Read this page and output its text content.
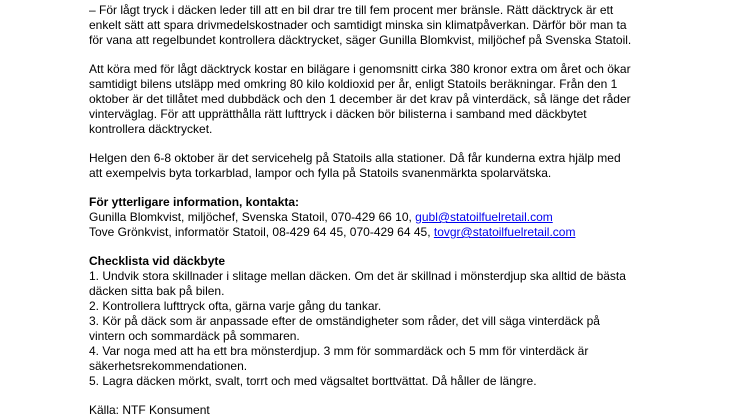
– För lågt tryck i däcken leder till att en bil drar tre till fem procent mer bränsle. Rätt däcktryck är ett

enkelt sätt att spara drivmedelskostnader och samtidigt minska sin klimatpåverkan. Därför bör man ta

för vana att regelbundet kontrollera däcktrycket, säger Gunilla Blomkvist, miljöchef på Svenska Statoil.

Att köra med för lågt däcktryck kostar en bilägare i genomsnitt cirka 380 kronor extra om året och ökar

samtidigt bilens utsläpp med omkring 80 kilo koldioxid per år, enligt Statoils beräkningar. Från den 1

oktober är det tillåtet med dubbdäck och den 1 december är det krav på vinterdäck, så länge det råder

vinterväglag. För att upprätthålla rätt lufttryck i däcken bör bilisterna i samband med däckbytet

kontrollera däcktrycket.

Helgen den 6-8 oktober är det servicehelg på Statoils alla stationer. Då får kunderna extra hjälp med

att exempelvis byta torkarblad, lampor och fylla på Statoils svanenmärkta spolarvätska.

För ytterligare information, kontakta:

Gunilla Blomkvist, miljöchef, Svenska Statoil, 070-429 66 10, gubl@statoilfuelretail.com

Tove Grönkvist, informatör Statoil, 08-429 64 45, 070-429 64 45, tovgr@statoilfuelretail.com

Checklista vid däckbyte

1. Undvik stora skillnader i slitage mellan däcken. Om det är skillnad i mönsterdjup ska alltid de bästa

däcken sitta bak på bilen.

2. Kontrollera lufttryck ofta, gärna varje gång du tankar.

3. Kör på däck som är anpassade efter de omständigheter som råder, det vill säga vinterdäck på

vintern och sommardäck på sommaren.

4. Var noga med att ha ett bra mönsterdjup. 3 mm för sommardäck och 5 mm för vinterdäck är

säkerhetsrekommendationen.

5. Lagra däcken mörkt, svalt, torrt och med vägsaltet borttvättat. Då håller de längre.

Källa: NTF Konsument
